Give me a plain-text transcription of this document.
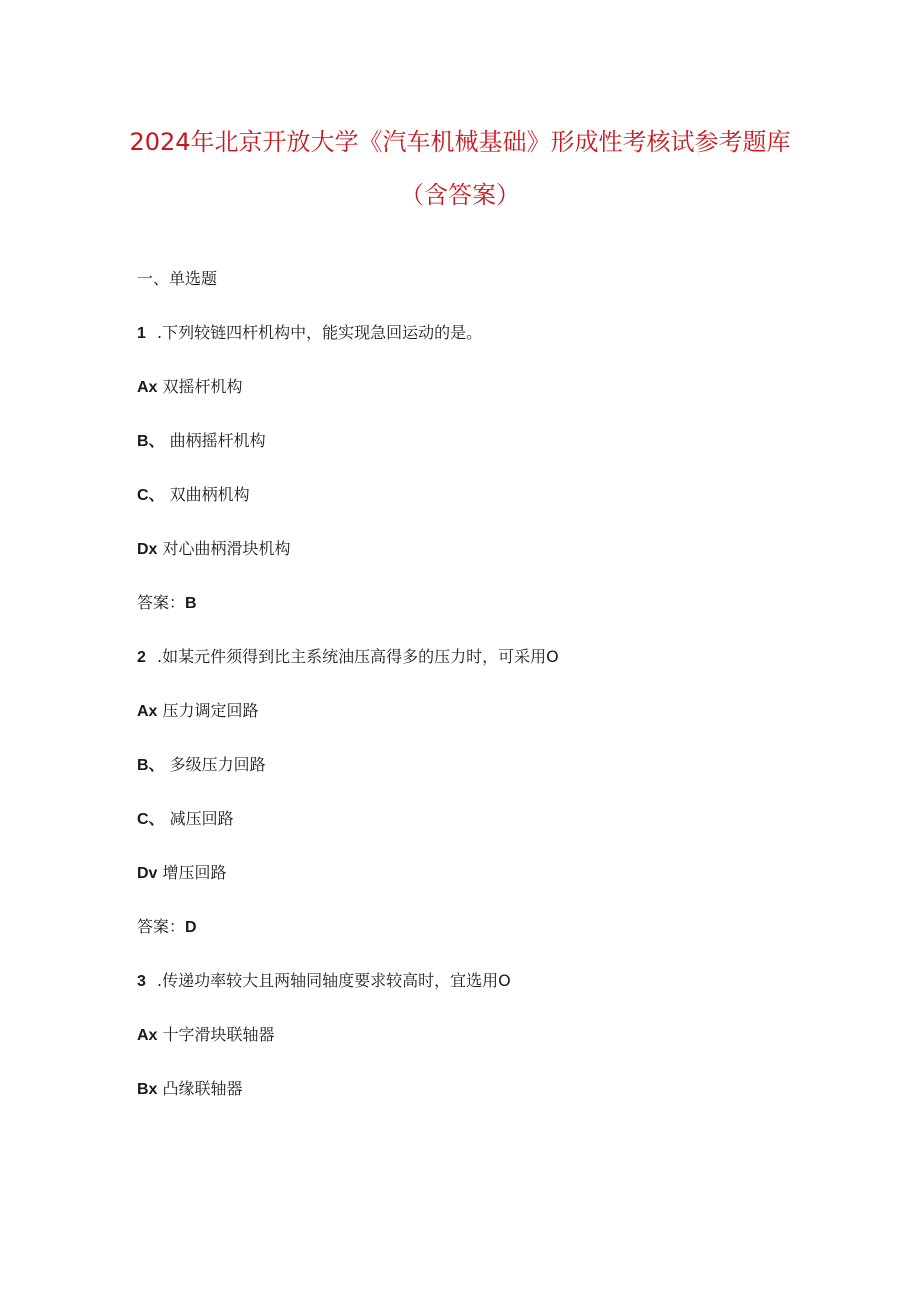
2024年北京开放大学《汽车机械基础》形成性考核试参考题库
（含答案）
一、单选题
1 .下列较链四杆机构中，能实现急回运动的是。
Ax 双摇杆机构
B、 曲柄摇杆机构
C、 双曲柄机构
Dx 对心曲柄滑块机构
答案：B
2 .如某元件须得到比主系统油压高得多的压力时，可采用O
Ax 压力调定回路
B、 多级压力回路
C、 减压回路
Dv 增压回路
答案：D
3 .传递功率较大且两轴同轴度要求较高时，宜选用O
Ax 十字滑块联轴器
Bx 凸缘联轴器
